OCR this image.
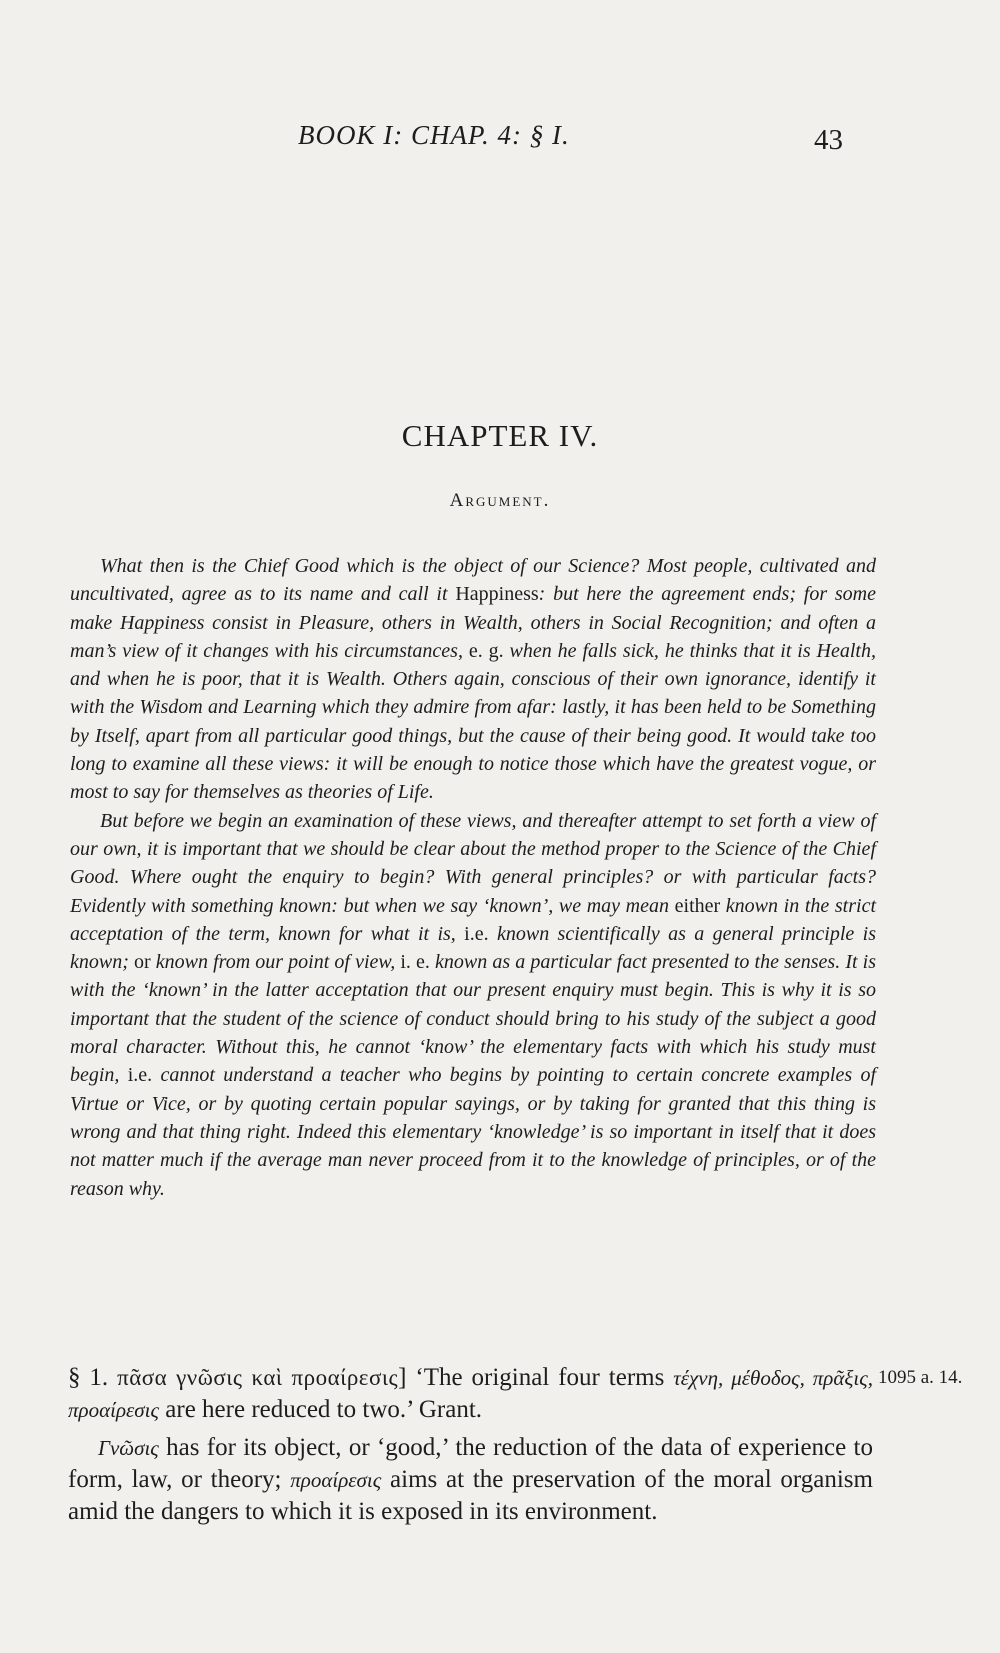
BOOK I: CHAP. 4: § I.	43
CHAPTER IV.
Argument.

What then is the Chief Good which is the object of our Science? Most people, cultivated and uncultivated, agree as to its name and call it Happiness: but here the agreement ends; for some make Happiness consist in Pleasure, others in Wealth, others in Social Recognition; and often a man’s view of it changes with his circumstances, e. g. when he falls sick, he thinks that it is Health, and when he is poor, that it is Wealth. Others again, conscious of their own ignorance, identify it with the Wisdom and Learning which they admire from afar: lastly, it has been held to be Something by Itself, apart from all particular good things, but the cause of their being good. It would take too long to examine all these views: it will be enough to notice those which have the greatest vogue, or most to say for themselves as theories of Life.

But before we begin an examination of these views, and thereafter attempt to set forth a view of our own, it is important that we should be clear about the method proper to the Science of the Chief Good. Where ought the enquiry to begin? With general principles? or with particular facts? Evidently with something known: but when we say ‘known’, we may mean either known in the strict acceptation of the term, known for what it is, i.e. known scientifically as a general principle is known; or known from our point of view, i. e. known as a particular fact presented to the senses. It is with the ‘known’ in the latter acceptation that our present enquiry must begin. This is why it is so important that the student of the science of conduct should bring to his study of the subject a good moral character. Without this, he cannot ‘know’ the elementary facts with which his study must begin, i.e. cannot understand a teacher who begins by pointing to certain concrete examples of Virtue or Vice, or by quoting certain popular sayings, or by taking for granted that this thing is wrong and that thing right. Indeed this elementary ‘knowledge’ is so important in itself that it does not matter much if the average man never proceed from it to the knowledge of principles, or of the reason why.

§ 1. πᾶσα γνῶσις καὶ προαίρεσις] ‘The original four terms τέχνη, μέθοδος, πρᾶξις, προαίρεσις are here reduced to two.’ Grant.

Γνῶσις has for its object, or ‘good,’ the reduction of the data of experience to form, law, or theory; προαίρεσις aims at the preservation of the moral organism amid the dangers to which it is exposed in its environment.

1095 a. 14.
